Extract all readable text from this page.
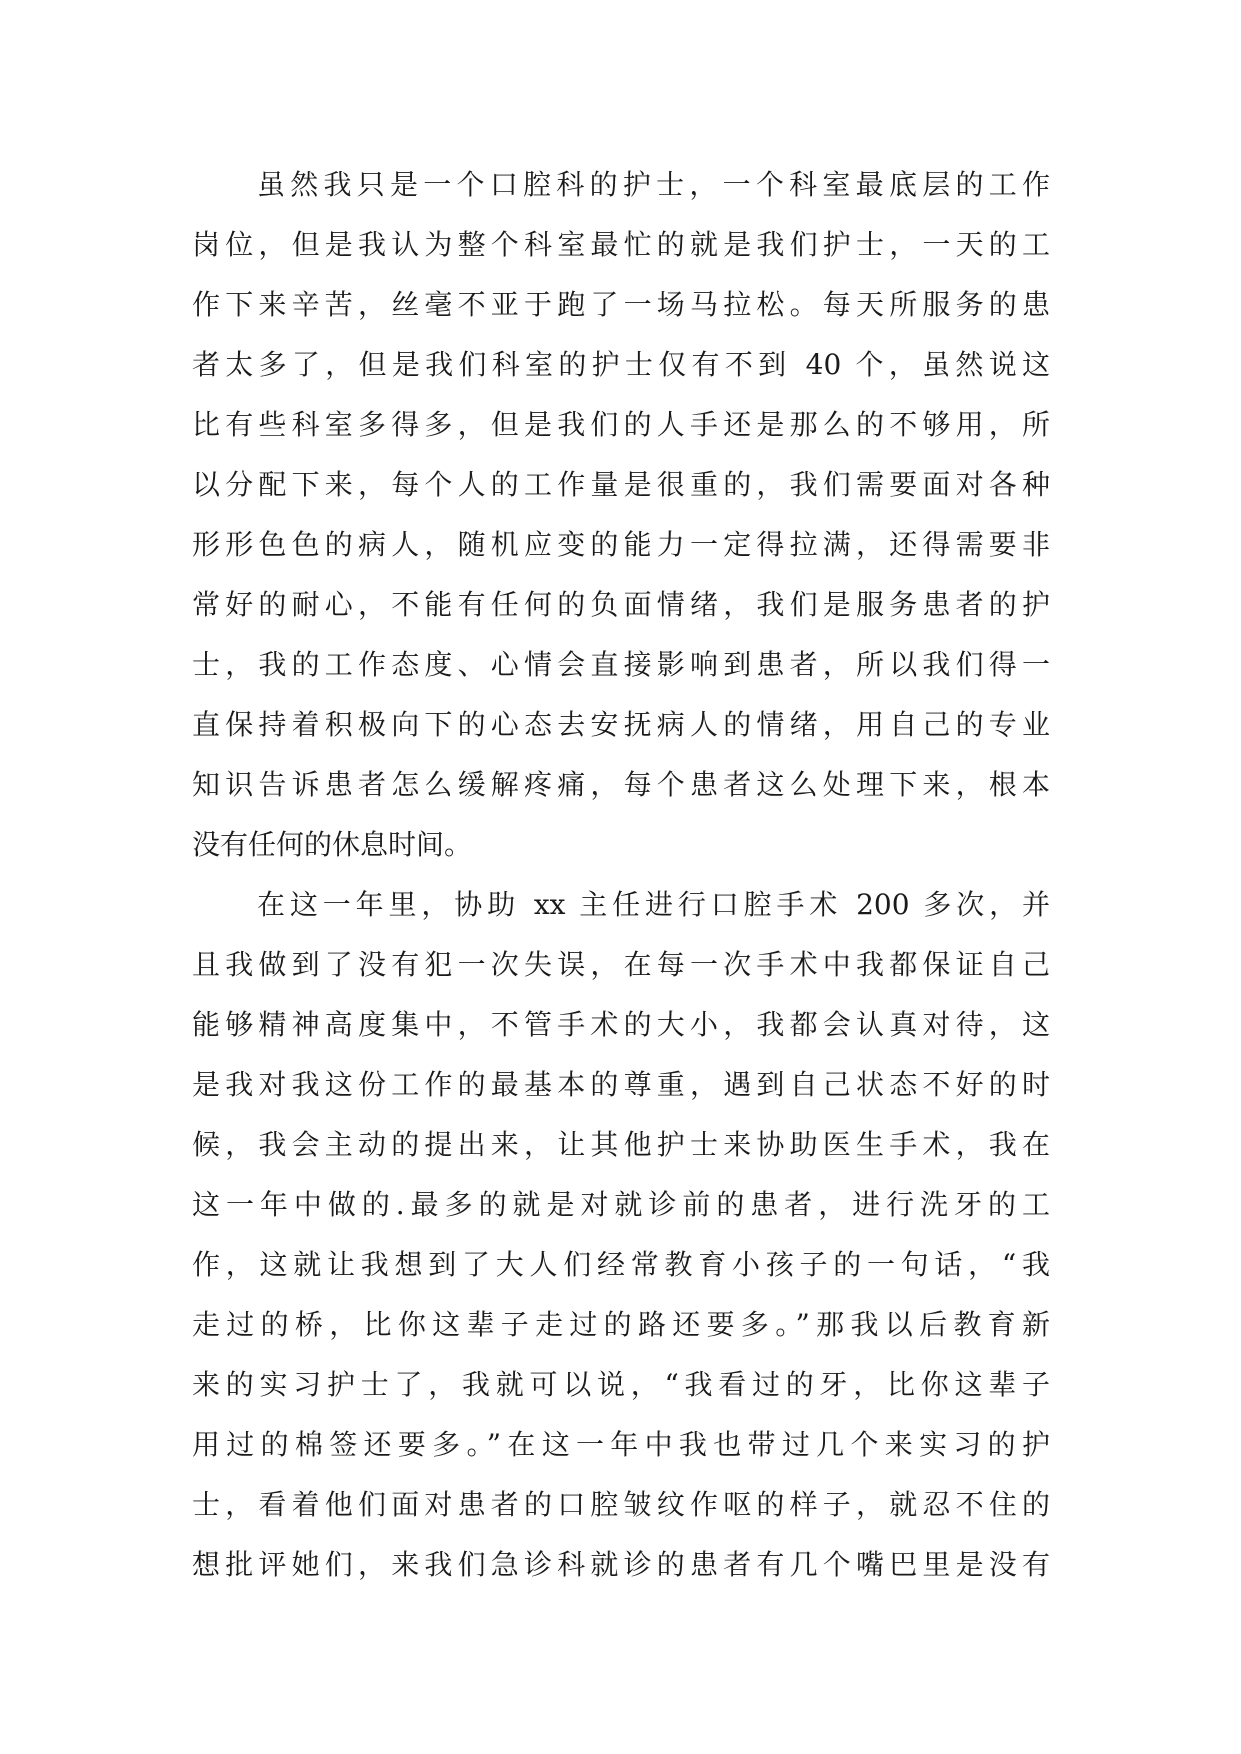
虽然我只是一个口腔科的护士，一个科室最底层的工作
岗位，但是我认为整个科室最忙的就是我们护士，一天的工
作下来辛苦，丝毫不亚于跑了一场马拉松。每天所服务的患
者太多了，但是我们科室的护士仅有不到 40 个，虽然说这
比有些科室多得多，但是我们的人手还是那么的不够用，所
以分配下来，每个人的工作量是很重的，我们需要面对各种
形形色色的病人，随机应变的能力一定得拉满，还得需要非
常好的耐心，不能有任何的负面情绪，我们是服务患者的护
士，我的工作态度、心情会直接影响到患者，所以我们得一
直保持着积极向下的心态去安抚病人的情绪，用自己的专业
知识告诉患者怎么缓解疼痛，每个患者这么处理下来，根本
没有任何的休息时间。
在这一年里，协助 xx 主任进行口腔手术 200 多次，并
且我做到了没有犯一次失误，在每一次手术中我都保证自己
能够精神高度集中，不管手术的大小，我都会认真对待，这
是我对我这份工作的最基本的尊重，遇到自己状态不好的时
候，我会主动的提出来，让其他护士来协助医生手术，我在
这一年中做的.最多的就是对就诊前的患者，进行洗牙的工
作，这就让我想到了大人们经常教育小孩子的一句话，“我
走过的桥，比你这辈子走过的路还要多。”那我以后教育新
来的实习护士了，我就可以说，“我看过的牙，比你这辈子
用过的棉签还要多。”在这一年中我也带过几个来实习的护
士，看着他们面对患者的口腔皱纹作呕的样子，就忍不住的
想批评她们，来我们急诊科就诊的患者有几个嘴巴里是没有
